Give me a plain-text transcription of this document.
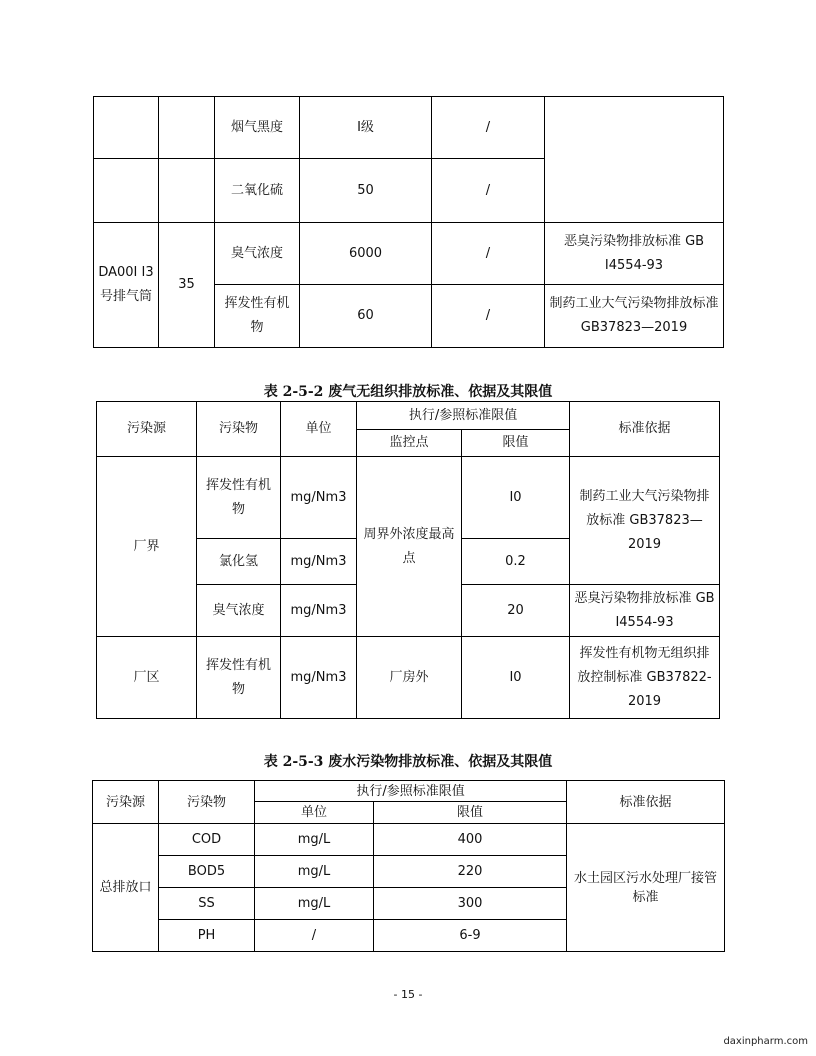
		烟气黑度	Ⅰ级	/	
		二氧化硫	50	/	
DA00I I3 号排气筒	35	臭气浓度	6000	/	恶臭污染物排放标准 GB I4554-93
		挥发性有机物	60	/	制药工业大气污染物排放标准 GB37823—2019
表 2-5-2 废气无组织排放标准、依据及其限值
污染源	污染物	单位	执行/参照标准限值		标准依据
			监控点	限值	
厂界	挥发性有机物	mg/Nm3	周界外浓度最高点	I0	制药工业大气污染物排放标准 GB37823—2019
	氯化氢	mg/Nm3		0.2	
	臭气浓度	mg/Nm3		20	恶臭污染物排放标准 GB I4554-93
厂区	挥发性有机物	mg/Nm3	厂房外	I0	挥发性有机物无组织排放控制标准 GB37822-2019
表 2-5-3 废水污染物排放标准、依据及其限值
污染源	污染物	执行/参照标准限值		标准依据
		单位	限值	
总排放口	COD	mg/L	400	水土园区污水处理厂接管标准
	BOD5	mg/L	220	
	SS	mg/L	300	
	PH	/	6-9	
- 15 -
daxinpharm.com
